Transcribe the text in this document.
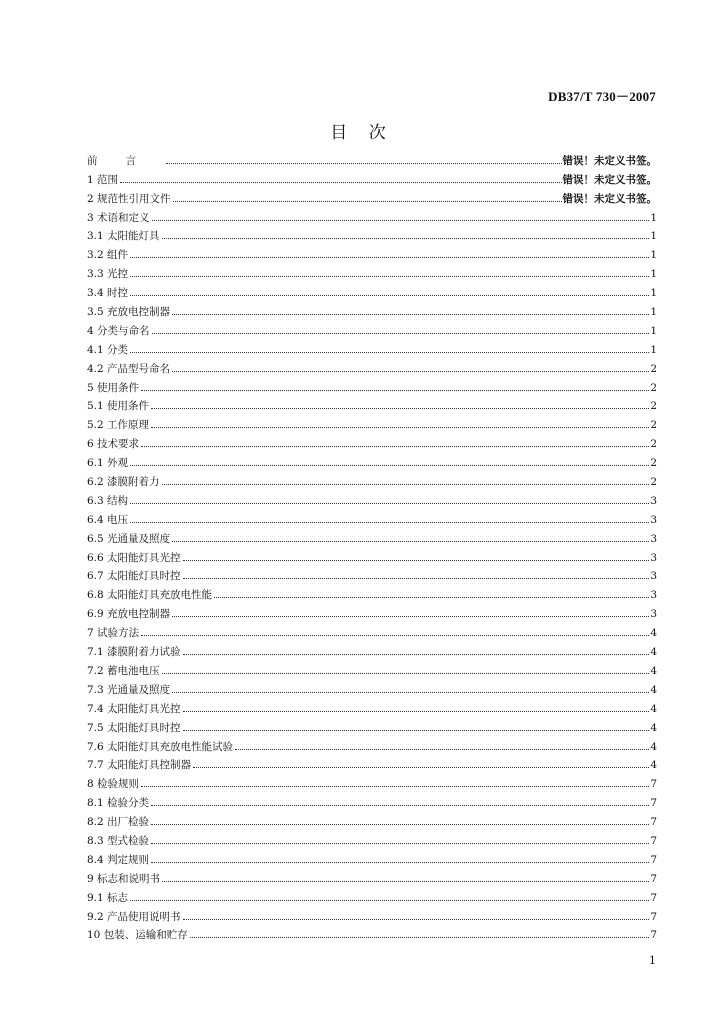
DB37/T 730－2007
目 次
前言	错误！未定义书签。
1 范围	错误！未定义书签。
2 规范性引用文件	错误！未定义书签。
3 术语和定义	1
3.1 太阳能灯具	1
3.2 组件	1
3.3 光控	1
3.4 时控	1
3.5 充放电控制器	1
4 分类与命名	1
4.1 分类	1
4.2 产品型号命名	2
5 使用条件	2
5.1 使用条件	2
5.2 工作原理	2
6 技术要求	2
6.1 外观	2
6.2 漆膜附着力	2
6.3 结构	3
6.4 电压	3
6.5 光通量及照度	3
6.6 太阳能灯具光控	3
6.7 太阳能灯具时控	3
6.8 太阳能灯具充放电性能	3
6.9 充放电控制器	3
7 试验方法	4
7.1 漆膜附着力试验	4
7.2 蓄电池电压	4
7.3 光通量及照度	4
7.4 太阳能灯具光控	4
7.5 太阳能灯具时控	4
7.6 太阳能灯具充放电性能试验	4
7.7 太阳能灯具控制器	4
8 检验规则	7
8.1 检验分类	7
8.2 出厂检验	7
8.3 型式检验	7
8.4 判定规则	7
9 标志和说明书	7
9.1 标志	7
9.2 产品使用说明书	7
10 包装、运输和贮存	7
1
